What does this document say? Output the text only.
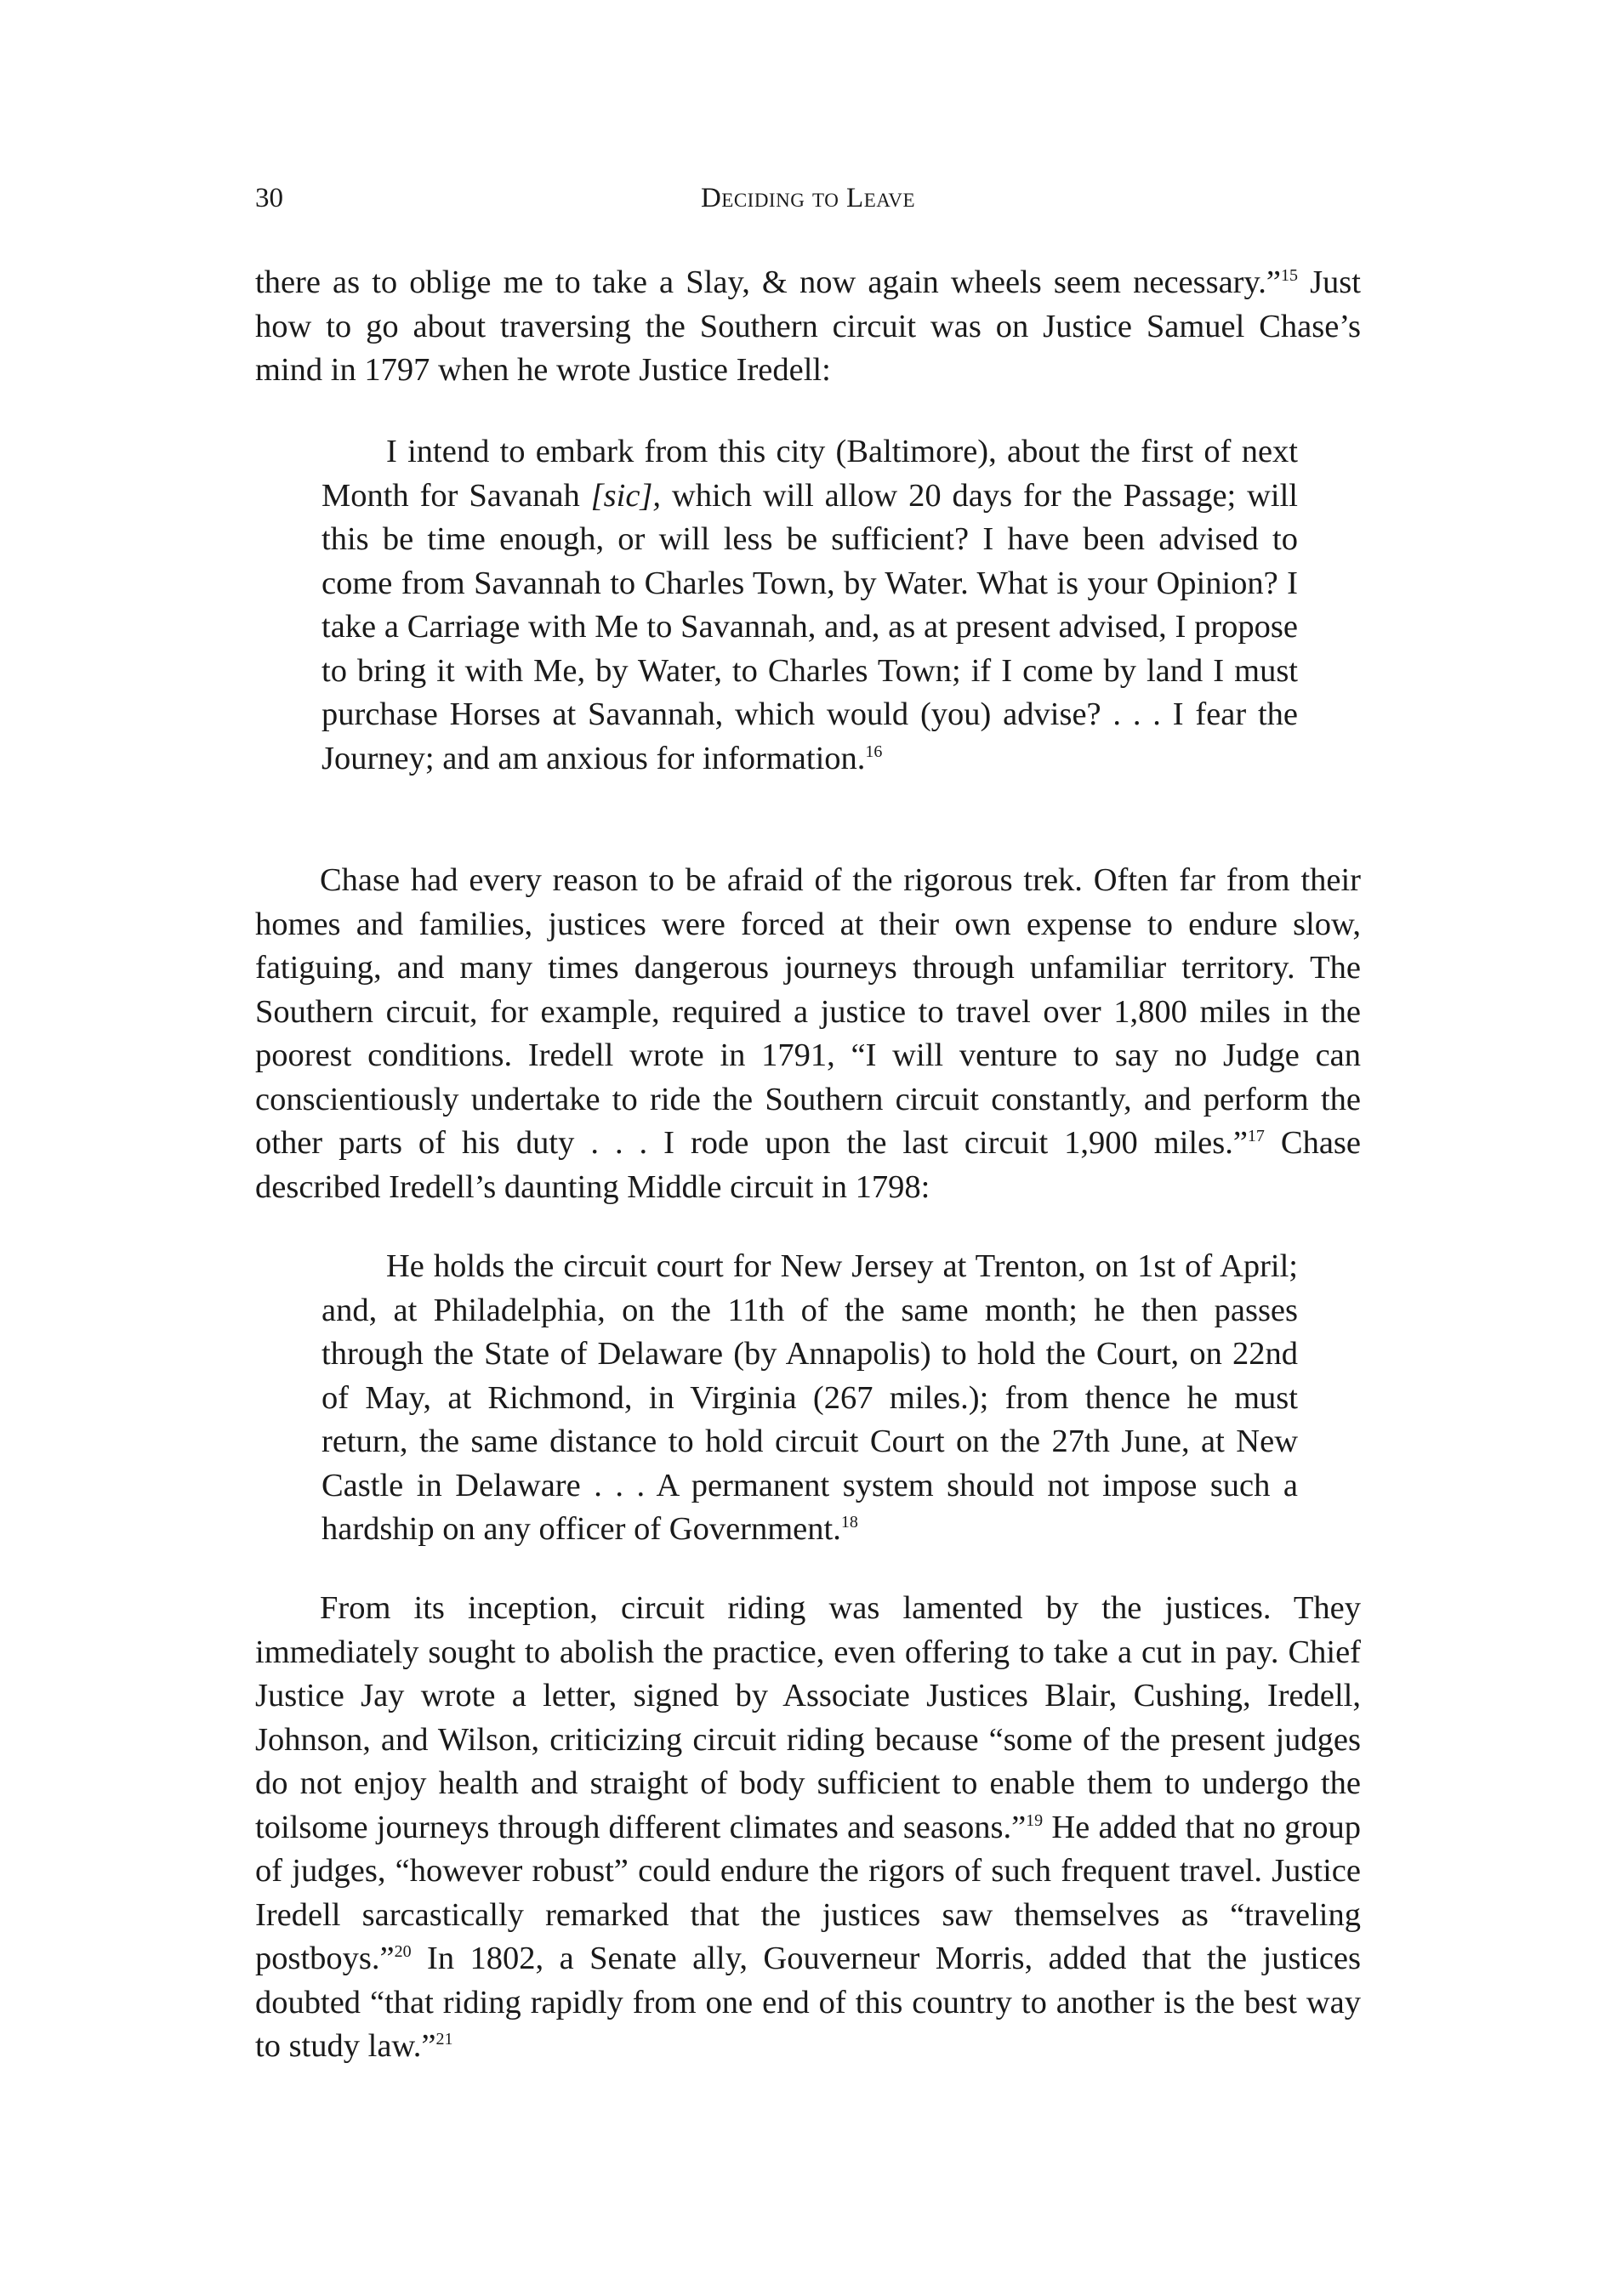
30	Deciding to Leave

there as to oblige me to take a Slay, & now again wheels seem necessary.”$^{15}$ Just how to go about traversing the Southern circuit was on Justice Samuel Chase’s mind in 1797 when he wrote Justice Iredell:

I intend to embark from this city (Baltimore), about the first of next Month for Savanah [sic], which will allow 20 days for the Passage; will this be time enough, or will less be sufficient? I have been advised to come from Savannah to Charles Town, by Water. What is your Opinion? I take a Carriage with Me to Savannah, and, as at present advised, I propose to bring it with Me, by Water, to Charles Town; if I come by land I must purchase Horses at Savannah, which would (you) advise? . . . I fear the Journey; and am anxious for information.$^{16}$

Chase had every reason to be afraid of the rigorous trek. Often far from their homes and families, justices were forced at their own expense to endure slow, fatiguing, and many times dangerous journeys through unfamiliar territory. The Southern circuit, for example, required a justice to travel over 1,800 miles in the poorest conditions. Iredell wrote in 1791, “I will venture to say no Judge can conscientiously undertake to ride the Southern circuit constantly, and perform the other parts of his duty . . . I rode upon the last circuit 1,900 miles.”$^{17}$ Chase described Iredell’s daunting Middle circuit in 1798:

He holds the circuit court for New Jersey at Trenton, on 1st of April; and, at Philadelphia, on the 11th of the same month; he then passes through the State of Delaware (by Annapolis) to hold the Court, on 22nd of May, at Richmond, in Virginia (267 miles.); from thence he must return, the same distance to hold circuit Court on the 27th June, at New Castle in Delaware . . . A permanent system should not impose such a hardship on any officer of Government.$^{18}$

From its inception, circuit riding was lamented by the justices. They immediately sought to abolish the practice, even offering to take a cut in pay. Chief Justice Jay wrote a letter, signed by Associate Justices Blair, Cushing, Iredell, Johnson, and Wilson, criticizing circuit riding because “some of the present judges do not enjoy health and straight of body sufficient to enable them to undergo the toilsome journeys through different climates and seasons.”$^{19}$ He added that no group of judges, “however robust” could endure the rigors of such frequent travel. Justice Iredell sarcastically remarked that the justices saw themselves as “traveling postboys.”$^{20}$ In 1802, a Senate ally, Gouverneur Morris, added that the justices doubted “that riding rapidly from one end of this country to another is the best way to study law.”$^{21}$
